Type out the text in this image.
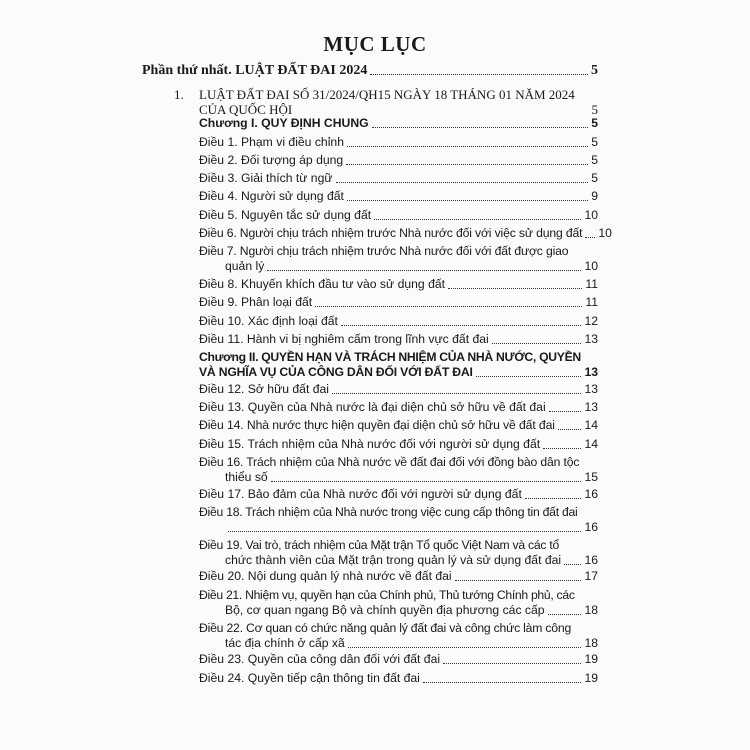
MỤC LỤC
Phần thứ nhất. LUẬT ĐẤT ĐAI 2024	5
1. LUẬT ĐẤT ĐAI SỐ 31/2024/QH15 NGÀY 18 THÁNG 01 NĂM 2024
CỦA QUỐC HỘI	5
Chương I. QUY ĐỊNH CHUNG	5
Điều 1. Phạm vi điều chỉnh	5
Điều 2. Đối tượng áp dụng	5
Điều 3. Giải thích từ ngữ	5
Điều 4. Người sử dụng đất	9
Điều 5. Nguyên tắc sử dụng đất	10
Điều 6. Người chịu trách nhiệm trước Nhà nước đối với việc sử dụng đất 10
Điều 7. Người chịu trách nhiệm trước Nhà nước đối với đất được giao
quản lý	10
Điều 8. Khuyến khích đầu tư vào sử dụng đất	11
Điều 9. Phân loại đất	11
Điều 10. Xác định loại đất	12
Điều 11. Hành vi bị nghiêm cấm trong lĩnh vực đất đai	13
Chương II. QUYỀN HẠN VÀ TRÁCH NHIỆM CỦA NHÀ NƯỚC, QUYỀN
VÀ NGHĨA VỤ CỦA CÔNG DÂN ĐỐI VỚI ĐẤT ĐAI	13
Điều 12. Sở hữu đất đai	13
Điều 13. Quyền của Nhà nước là đại diện chủ sở hữu về đất đai	13
Điều 14. Nhà nước thực hiện quyền đại diện chủ sở hữu về đất đai 14
Điều 15. Trách nhiệm của Nhà nước đối với người sử dụng đất	14
Điều 16. Trách nhiệm của Nhà nước về đất đai đối với đồng bào dân tộc
thiểu số	15
Điều 17. Bảo đảm của Nhà nước đối với người sử dụng đất	16
Điều 18. Trách nhiệm của Nhà nước trong việc cung cấp thông tin đất đai
16
Điều 19. Vai trò, trách nhiệm của Mặt trận Tổ quốc Việt Nam và các tổ
chức thành viên của Mặt trận trong quản lý và sử dụng đất đai 16
Điều 20. Nội dung quản lý nhà nước về đất đai	17
Điều 21. Nhiệm vụ, quyền hạn của Chính phủ, Thủ tướng Chính phủ, các
Bộ, cơ quan ngang Bộ và chính quyền địa phương các cấp	18
Điều 22. Cơ quan có chức năng quản lý đất đai và công chức làm công
tác địa chính ở cấp xã	18
Điều 23. Quyền của công dân đối với đất đai	19
Điều 24. Quyền tiếp cận thông tin đất đai	19
